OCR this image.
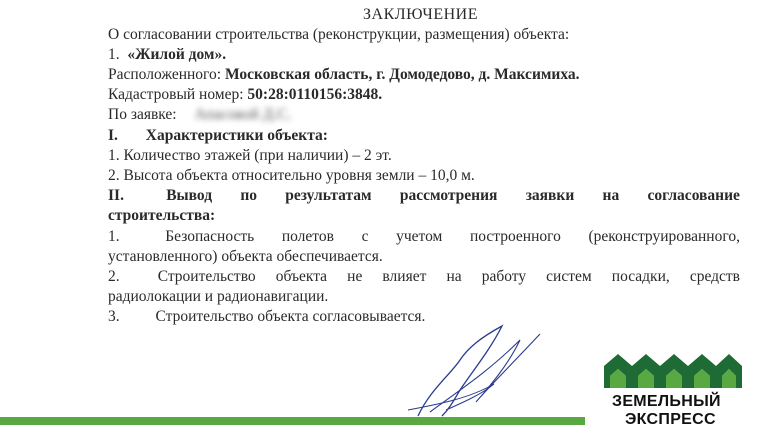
ЗАКЛЮЧЕНИЕ
О согласовании строительства (реконструкции, размещения) объекта:
1. «Жилой дом».
Расположенного: Московская область, г. Домодедово, д. Максимиха.
Кадастровый номер: 50:28:0110156:3848.
По заявке: Апасовой Д.С.
I. Характеристики объекта:
1. Количество этажей (при наличии) – 2 эт.
2. Высота объекта относительно уровня земли – 10,0 м.
II.	Вывод по результатам рассмотрения заявки на согласование
строительства:
1.	Безопасность полетов с учетом построенного (реконструированного,
установленного) объекта обеспечивается.
2. Строительство объекта не влияет на работу систем посадки, средств
радиолокации и радионавигации.
3. Строительство объекта согласовывается.
ЗЕМЕЛЬНЫЙ
ЭКСПРЕСС
